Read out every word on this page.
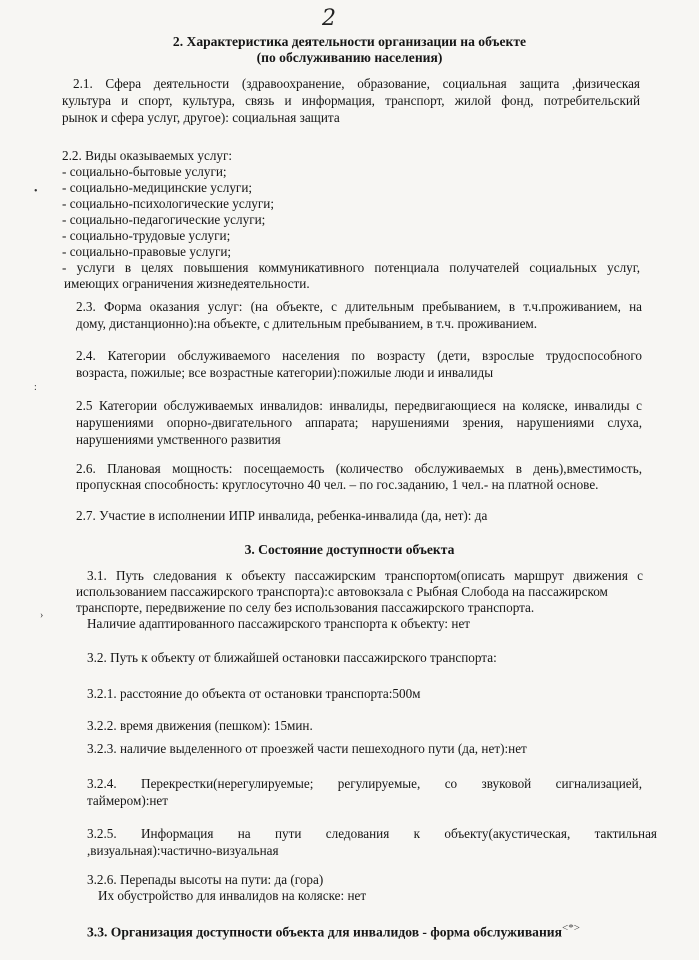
2
2. Характеристика деятельности организации на объекте
(по обслуживанию населения)
2.1. Сфера деятельности (здравоохранение, образование, социальная защита ,физическая
культура и спорт, культура, связь и информация, транспорт, жилой фонд, потребительский
рынок и сфера услуг, другое): социальная защита
2.2. Виды оказываемых услуг:
- социально-бытовые услуги;
- социально-медицинские услуги;
- социально-психологические услуги;
- социально-педагогические услуги;
- социально-трудовые услуги;
- социально-правовые услуги;
- услуги в целях повышения коммуникативного потенциала получателей социальных услуг,
имеющих ограничения жизнедеятельности.
2.3. Форма оказания услуг: (на объекте, с длительным пребыванием, в т.ч.проживанием, на
дому, дистанционно):на объекте, с длительным пребыванием, в т.ч. проживанием.
2.4. Категории обслуживаемого населения по возрасту (дети, взрослые трудоспособного
возраста, пожилые; все возрастные категории):пожилые люди и инвалиды
2.5 Категории обслуживаемых инвалидов: инвалиды, передвигающиеся на коляске, инвалиды с
нарушениями опорно-двигательного аппарата; нарушениями зрения, нарушениями слуха,
нарушениями умственного развития
2.6. Плановая мощность: посещаемость (количество обслуживаемых в день),вместимость,
пропускная способность: круглосуточно 40 чел. – по гос.заданию, 1 чел.- на платной основе.
2.7. Участие в исполнении ИПР инвалида, ребенка-инвалида (да, нет): да
3. Состояние доступности объекта
3.1. Путь следования к объекту пассажирским транспортом(описать маршрут движения с
использованием пассажирского транспорта):с автовокзала с Рыбная Слобода на пассажирском
транспорте, передвижение по селу без использования пассажирского транспорта.
Наличие адаптированного пассажирского транспорта к объекту: нет
3.2. Путь к объекту от ближайшей остановки пассажирского транспорта:
3.2.1. расстояние до объекта от остановки транспорта:500м
3.2.2. время движения (пешком): 15мин.
3.2.3. наличие выделенного от проезжей части пешеходного пути (да, нет):нет
3.2.4. Перекрестки(нерегулируемые; регулируемые, со звуковой сигнализацией,
таймером):нет
3.2.5. Информация на пути следования к объекту(акустическая, тактильная
,визуальная):частично-визуальная
3.2.6. Перепады высоты на пути: да (гора)
Их обустройство для инвалидов на коляске: нет
3.3. Организация доступности объекта для инвалидов - форма обслуживания<*>
•
:
›
